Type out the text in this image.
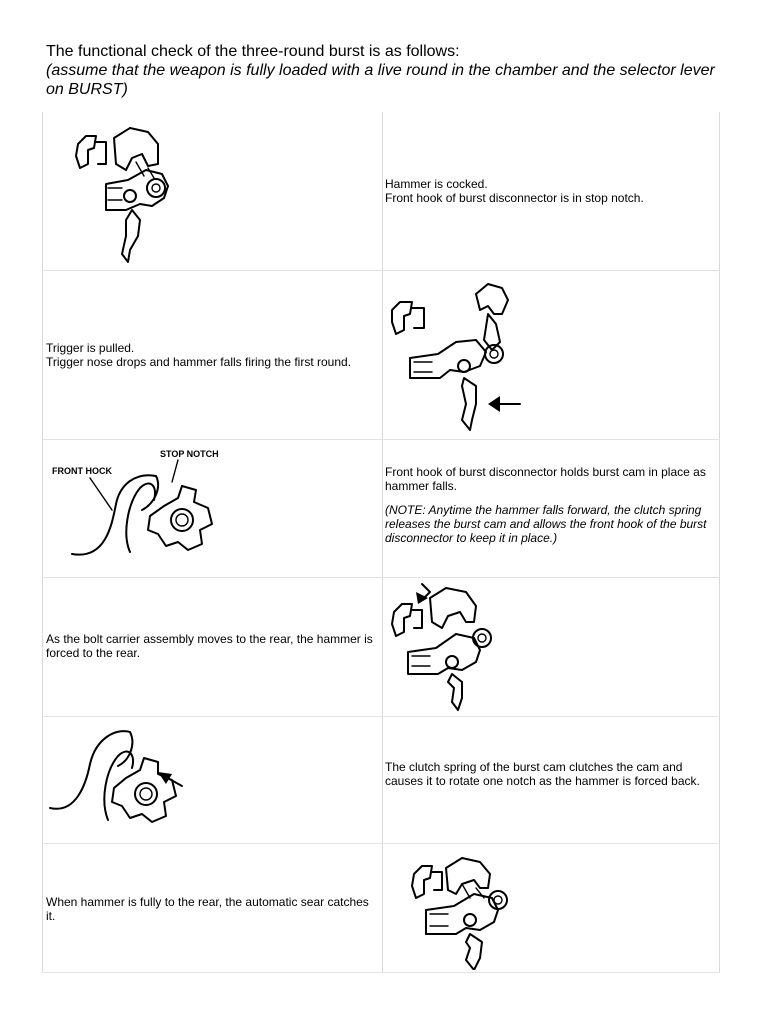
The functional check of the three-round burst is as follows:
(assume that the weapon is fully loaded with a live round in the chamber and the selector lever on BURST)
Hammer is cocked.
Front hook of burst disconnector is in stop notch.
Trigger is pulled.
Trigger nose drops and hammer falls firing the first round.
STOP NOTCH
FRONT HOCK	Front hook of burst disconnector holds burst cam in place as hammer falls.
(NOTE: Anytime the hammer falls forward, the clutch spring releases the burst cam and allows the front hook of the burst disconnector to keep it in place.)
As the bolt carrier assembly moves to the rear, the hammer is forced to the rear.
The clutch spring of the burst cam clutches the cam and causes it to rotate one notch as the hammer is forced back.
When hammer is fully to the rear, the automatic sear catches it.
